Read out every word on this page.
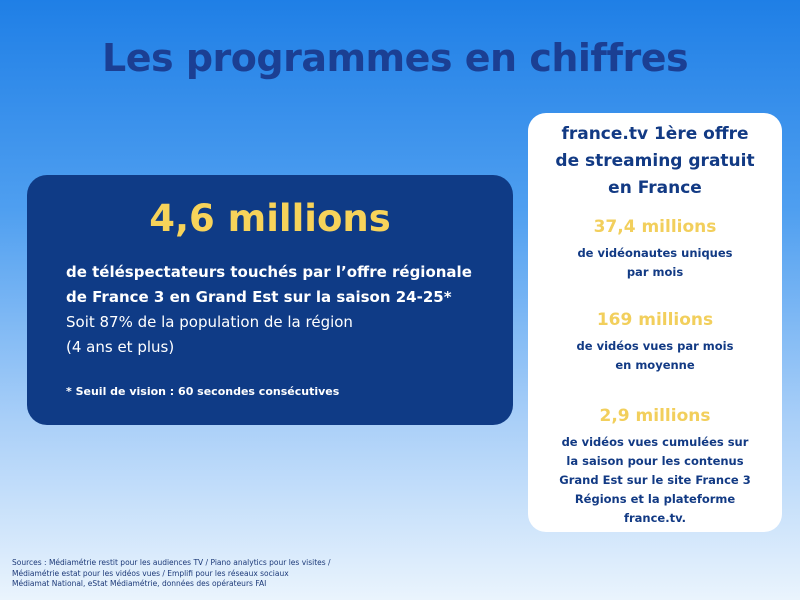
Les programmes en chiffres
4,6 millions
de téléspectateurs touchés par l’offre régionale
de France 3 en Grand Est sur la saison 24-25*
Soit 87% de la population de la région
(4 ans et plus)
* Seuil de vision : 60 secondes consécutives
france.tv 1ère offre
de streaming gratuit
en France
37,4 millions
de vidéonautes uniques
par mois
169 millions
de vidéos vues par mois
en moyenne
2,9 millions
de vidéos vues cumulées sur
la saison pour les contenus
Grand Est sur le site France 3
Régions et la plateforme
france.tv.
Sources : Médiamétrie restit pour les audiences TV / Piano analytics pour les visites /
Médiamétrie estat pour les vidéos vues / Emplifi pour les réseaux sociaux
Médiamat National, eStat Médiamétrie, données des opérateurs FAI
